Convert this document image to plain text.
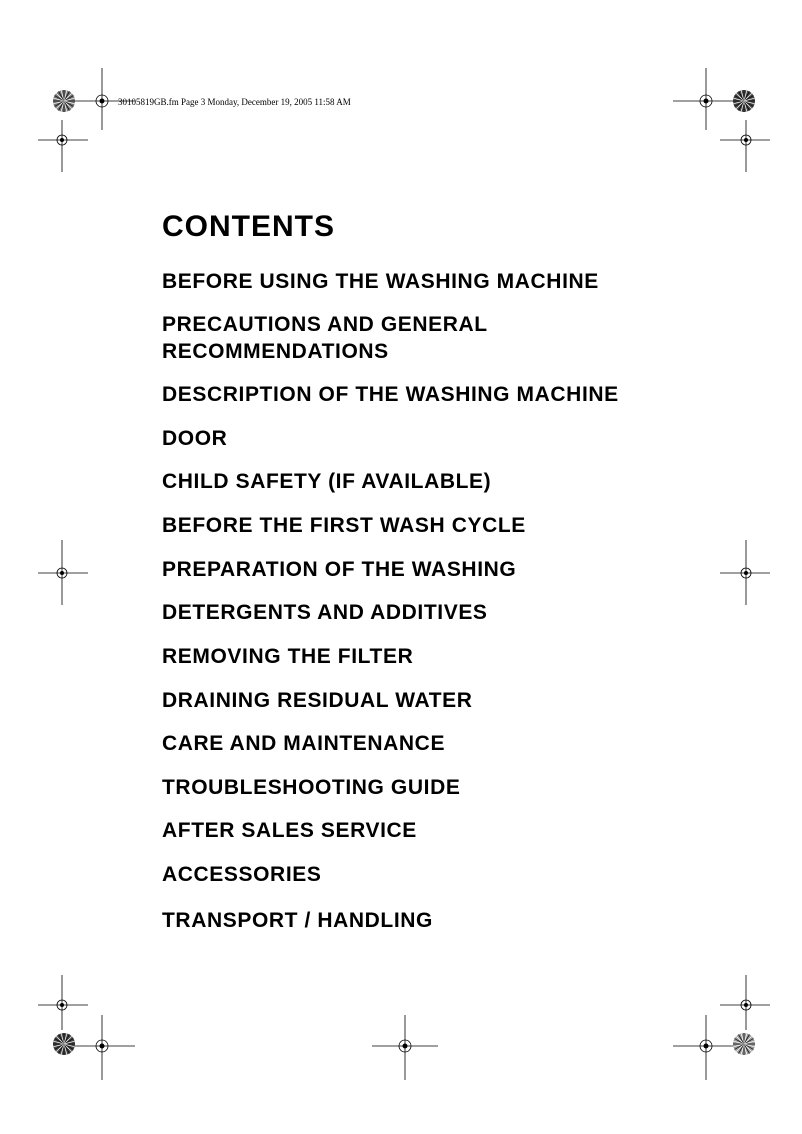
30105819GB.fm Page 3 Monday, December 19, 2005 11:58 AM
CONTENTS
BEFORE USING THE WASHING MACHINE
PRECAUTIONS AND GENERAL
RECOMMENDATIONS
DESCRIPTION OF THE WASHING MACHINE
DOOR
CHILD SAFETY (IF AVAILABLE)
BEFORE THE FIRST WASH CYCLE
PREPARATION OF THE WASHING
DETERGENTS AND ADDITIVES
REMOVING THE FILTER
DRAINING RESIDUAL WATER
CARE AND MAINTENANCE
TROUBLESHOOTING GUIDE
AFTER SALES SERVICE
ACCESSORIES
TRANSPORT / HANDLING
